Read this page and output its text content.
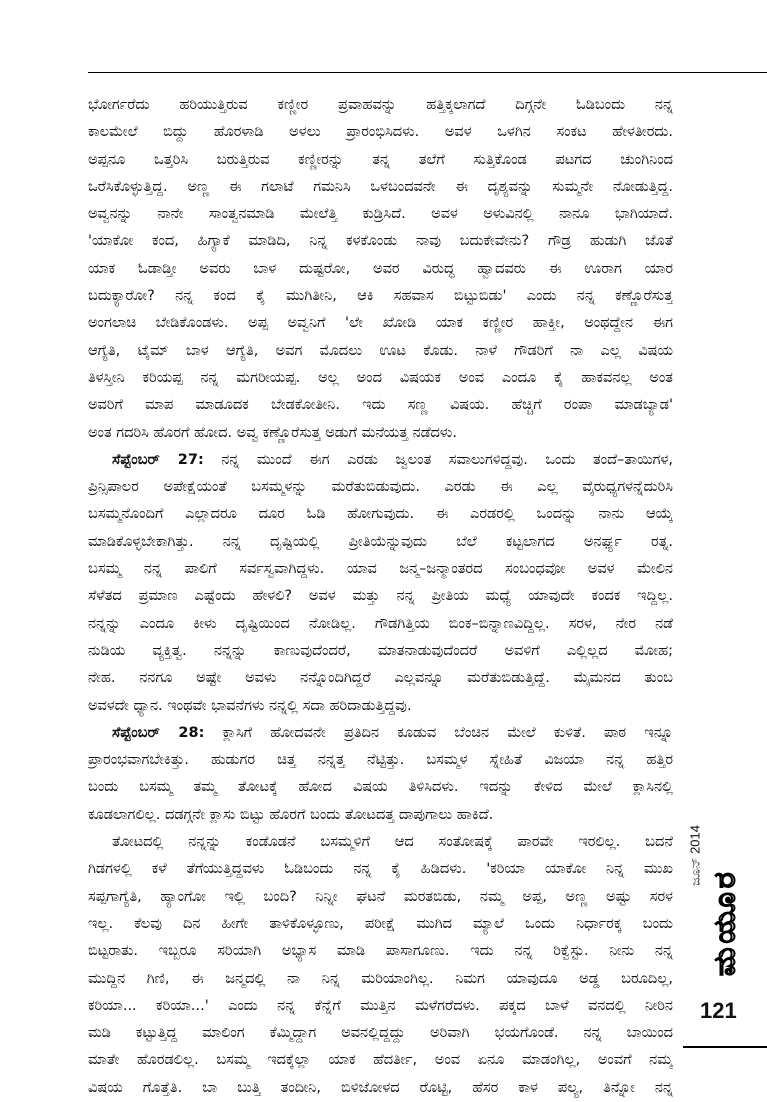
ಭೋರ್ಗರೆದು ಹರಿಯುತ್ತಿರುವ ಕಣ್ಣೀರ ಪ್ರವಾಹವನ್ನು ಹತ್ತಿಕ್ಕಲಾಗದೆ ದಿಗ್ಗನೇ ಓಡಿಬಂದು ನನ್ನ

ಕಾಲಮೇಲೆ ಬಿದ್ದು ಹೊರಳಾಡಿ ಅಳಲು ಪ್ರಾರಂಭಿಸಿದಳು. ಅವಳ ಒಳಗಿನ ಸಂಕಟ ಹೇಳತೀರದು.

ಅಪ್ಪನೂ ಒತ್ತರಿಸಿ ಬರುತ್ತಿರುವ ಕಣ್ಣೀರನ್ನು ತನ್ನ ತಲೆಗೆ ಸುತ್ತಿಕೊಂಡ ಪಟಗದ ಚುಂಗಿನಿಂದ

ಒರೆಸಿಕೊಳ್ಳುತ್ತಿದ್ದ. ಅಣ್ಣ ಈ ಗಲಾಟೆ ಗಮನಿಸಿ ಒಳಬಂದವನೇ ಈ ದೃಶ್ಯವನ್ನು ಸುಮ್ಮನೇ ನೋಡುತ್ತಿದ್ದ.

ಅವ್ವನನ್ನು ನಾನೇ ಸಾಂತ್ವನಮಾಡಿ ಮೇಲೆತ್ತಿ ಕುಡ್ರಿಸಿದೆ. ಅವಳ ಅಳುವಿನಲ್ಲಿ ನಾನೂ ಭಾಗಿಯಾದೆ.

'ಯಾಕೋ ಕಂದ, ಹಿಗ್ಯಾಕೆ ಮಾಡಿದಿ, ನಿನ್ನ ಕಳಕೊಂಡು ನಾವು ಬದುಕೇವೇನು? ಗೌಡ್ರ ಹುಡುಗಿ ಜೊತೆ

ಯಾಕ ಓಡಾಡ್ತೀ ಅವರು ಬಾಳ ದುಷ್ಟರೋ, ಅವರ ವಿರುದ್ಧ ಹ್ವಾದವರು ಈ ಊರಾಗ ಯಾರ

ಬದುಕ್ಯಾರೋ? ನನ್ನ ಕಂದ ಕೈ ಮುಗಿತೀನಿ, ಆಕಿ ಸಹವಾಸ ಬಿಟ್ಟುಬಿಡು' ಎಂದು ನನ್ನ ಕಣ್ಣೊರೆಸುತ್ತ

ಅಂಗಲಾಚಿ ಬೇಡಿಕೊಂಡಳು. ಅಪ್ಪ ಅವ್ವನಿಗೆ 'ಲೇ ಖೋಡಿ ಯಾಕ ಕಣ್ಣೀರ ಹಾಕ್ತೀ, ಅಂಥದ್ದೇನ ಈಗ

ಆಗ್ಯೆತಿ, ಟೈಮ್ ಬಾಳ ಆಗ್ಯೆತಿ, ಅವಗ ಮೊದಲು ಊಟ ಕೊಡು. ನಾಳೆ ಗೌಡರಿಗೆ ನಾ ಎಲ್ಲ ವಿಷಯ

ತಿಳಸ್ತೀನಿ ಕರಿಯಪ್ಪ ನನ್ನ ಮಗರೀಯಪ್ಪ. ಅಲ್ಲ ಅಂದ ವಿಷಯಕ ಅಂವ ಎಂದೂ ಕೈ ಹಾಕವನಲ್ಲ ಅಂತ

ಅವರಿಗೆ ಮಾಪ ಮಾಡೂದಕ ಬೇಡಕೋತೀನಿ. ಇದು ಸಣ್ಣ ವಿಷಯ. ಹೆಚ್ಚಿಗೆ ರಂಪಾ ಮಾಡಬ್ಯಾಡ'

ಅಂತ ಗದರಿಸಿ ಹೊರಗೆ ಹೋದ. ಅವ್ವ ಕಣ್ಣೊರೆಸುತ್ತ ಅಡುಗೆ ಮನೆಯತ್ತ ನಡೆದಳು.

ಸೆಪ್ಟೆಂಬರ್ 27: ನನ್ನ ಮುಂದೆ ಈಗ ಎರಡು ಜ್ವಲಂತ ಸವಾಲುಗಳಿದ್ದವು. ಒಂದು ತಂದೆ–ತಾಯಿಗಳ,

ಪ್ರಿನ್ಸಿಪಾಲರ ಅಪೇಕ್ಷೆಯಂತೆ ಬಸಮ್ಮಳನ್ನು ಮರೆತುಬಿಡುವುದು. ಎರಡು ಈ ಎಲ್ಲ ವೈರುಧ್ಯಗಳನ್ನೆದುರಿಸಿ

ಬಸಮ್ಮನೊಂದಿಗೆ ಎಲ್ಲಾದರೂ ದೂರ ಓಡಿ ಹೋಗುವುದು. ಈ ಎರಡರಲ್ಲಿ ಒಂದನ್ನು ನಾನು ಆಯ್ಕೆ

ಮಾಡಿಕೊಳ್ಳಬೇಕಾಗಿತ್ತು. ನನ್ನ ದೃಷ್ಟಿಯಲ್ಲಿ ಪ್ರೀತಿಯೆನ್ನುವುದು ಬೆಲೆ ಕಟ್ಟಲಾಗದ ಅನರ್ಘ್ಯ ರತ್ನ.

ಬಸಮ್ಮ ನನ್ನ ಪಾಲಿಗೆ ಸರ್ವಸ್ವವಾಗಿದ್ದಳು. ಯಾವ ಜನ್ಮ–ಜನ್ಮಾಂತರದ ಸಂಬಂಧವೋ ಅವಳ ಮೇಲಿನ

ಸೆಳೆತದ ಪ್ರಮಾಣ ಎಷ್ಟೆಂದು ಹೇಳಲಿ? ಅವಳ ಮತ್ತು ನನ್ನ ಪ್ರೀತಿಯ ಮಧ್ಯೆ ಯಾವುದೇ ಕಂದಕ ಇದ್ದಿಲ್ಲ.

ನನ್ನನ್ನು ಎಂದೂ ಕೀಳು ದೃಷ್ಟಿಯಿಂದ ನೋಡಿಲ್ಲ. ಗೌಡಗಿತ್ತಿಯ ಬಿಂಕ–ಬಿನ್ನಾಣವಿದ್ದಿಲ್ಲ. ಸರಳ, ನೇರ ನಡೆ

ನುಡಿಯ ವ್ಯಕ್ತಿತ್ವ. ನನ್ನನ್ನು ಕಾಣುವುದೆಂದರೆ, ಮಾತನಾಡುವುದೆಂದರೆ ಅವಳಿಗೆ ಎಲ್ಲಿಲ್ಲದ ಮೋಹ;

ನೇಹ. ನನಗೂ ಅಷ್ಟೇ ಅವಳು ನನ್ನೊಂದಿಗಿದ್ದರೆ ಎಲ್ಲವನ್ನೂ ಮರೆತುಬಿಡುತ್ತಿದ್ದೆ. ಮೈಮನದ ತುಂಬ

ಅವಳದೇ ಧ್ಯಾನ. ಇಂಥವೇ ಭಾವನೆಗಳು ನನ್ನಲ್ಲಿ ಸದಾ ಹರಿದಾಡುತ್ತಿದ್ದವು.

ಸೆಪ್ಟೆಂಬರ್ 28: ಕ್ಲಾಸಿಗೆ ಹೋದವನೇ ಪ್ರತಿದಿನ ಕೂಡುವ ಬೆಂಚಿನ ಮೇಲೆ ಕುಳಿತೆ. ಪಾಠ ಇನ್ನೂ

ಪ್ರಾರಂಭವಾಗಬೇಕಿತ್ತು. ಹುಡುಗರ ಚಿತ್ತ ನನ್ನತ್ತ ನೆಟ್ಟಿತ್ತು. ಬಸಮ್ಮಳ ಸ್ನೇಹಿತೆ ವಿಜಯಾ ನನ್ನ ಹತ್ತಿರ

ಬಂದು ಬಸಮ್ಮ ತಮ್ಮ ತೋಟಕ್ಕೆ ಹೋದ ವಿಷಯ ತಿಳಿಸಿದಳು. ಇದನ್ನು ಕೇಳಿದ ಮೇಲೆ ಕ್ಲಾಸಿನಲ್ಲಿ

ಕೂಡಲಾಗಲಿಲ್ಲ. ದಡಗ್ಗನೇ ಕ್ಲಾಸು ಬಿಟ್ಟು ಹೊರಗೆ ಬಂದು ತೋಟದತ್ತ ದಾಪುಗಾಲು ಹಾಕಿದೆ.

ತೋಟದಲ್ಲಿ ನನ್ನನ್ನು ಕಂಡೊಡನೆ ಬಸಮ್ಮಳಿಗೆ ಆದ ಸಂತೋಷಕ್ಕೆ ಪಾರವೇ ಇರಲಿಲ್ಲ. ಬದನೆ

ಗಿಡಗಳಲ್ಲಿ ಕಳೆ ತೆಗೆಯುತ್ತಿದ್ದವಳು ಓಡಿಬಂದು ನನ್ನ ಕೈ ಹಿಡಿದಳು. 'ಕರಿಯಾ ಯಾಕೋ ನಿನ್ನ ಮುಖ

ಸಪ್ಪಗಾಗ್ಯೆತಿ, ಹ್ಯಾಂಗೋ ಇಲ್ಲಿ ಬಂದಿ? ನಿನ್ನೀ ಘಟನೆ ಮರತಬಿಡು, ನಮ್ಮ ಅಪ್ಪ, ಅಣ್ಣ ಅಷ್ಟು ಸರಳ

ಇಲ್ಲ. ಕೆಲವು ದಿನ ಹೀಗೇ ತಾಳಿಕೊಳ್ಳೂಣು, ಪರೀಕ್ಷೆ ಮುಗಿದ ಮ್ಯಾಲೆ ಒಂದು ನಿರ್ಧಾರಕ್ಕ ಬಂದು

ಬಿಟ್ಟರಾತು. ಇಬ್ಬರೂ ಸರಿಯಾಗಿ ಅಭ್ಯಾಸ ಮಾಡಿ ಪಾಸಾಗೂಣು. ಇದು ನನ್ನ ರಿಕ್ವೆಸ್ಟು. ನೀನು ನನ್ನ

ಮುದ್ದಿನ ಗಿಣಿ, ಈ ಜನ್ಮದಲ್ಲಿ ನಾ ನಿನ್ನ ಮರಿಯಾಂಗಿಲ್ಲ. ನಿಮಗ ಯಾವುದೂ ಅಡ್ಡ ಬರೂದಿಲ್ಲ,

ಕರಿಯಾ... ಕರಿಯಾ...' ಎಂದು ನನ್ನ ಕೆನ್ನೆಗೆ ಮುತ್ತಿನ ಮಳೆಗರೆದಳು. ಪಕ್ಕದ ಬಾಳೆ ವನದಲ್ಲಿ ನೀರಿನ

ಮಡಿ ಕಟ್ಟುತ್ತಿದ್ದ ಮಾಲಿಂಗ ಕೆಮ್ಮಿದ್ದಾಗ ಅವನಲ್ಲಿದ್ದದ್ದು ಅರಿವಾಗಿ ಭಯಗೊಂಡೆ. ನನ್ನ ಬಾಯಿಂದ

ಮಾತೇ ಹೊರಡಲಿಲ್ಲ. ಬಸಮ್ಮ ಇದಕ್ಕೆಲ್ಲಾ ಯಾಕ ಹೆದರ್ತೀ, ಅಂವ ಏನೂ ಮಾಡಂಗಿಲ್ಲ, ಅಂವಗೆ ನಮ್ಮ

ವಿಷಯ ಗೊತ್ತೆತಿ. ಬಾ ಬುತ್ತಿ ತಂದೀನಿ, ಬಿಳಿಜೋಳದ ರೊಟ್ಟಿ, ಹೆಸರ ಕಾಳ ಪಲ್ಯ, ತಿನ್ನೋ ನನ್ನ

ಜೂನ್ 2014
ಮಯೂರ
121
